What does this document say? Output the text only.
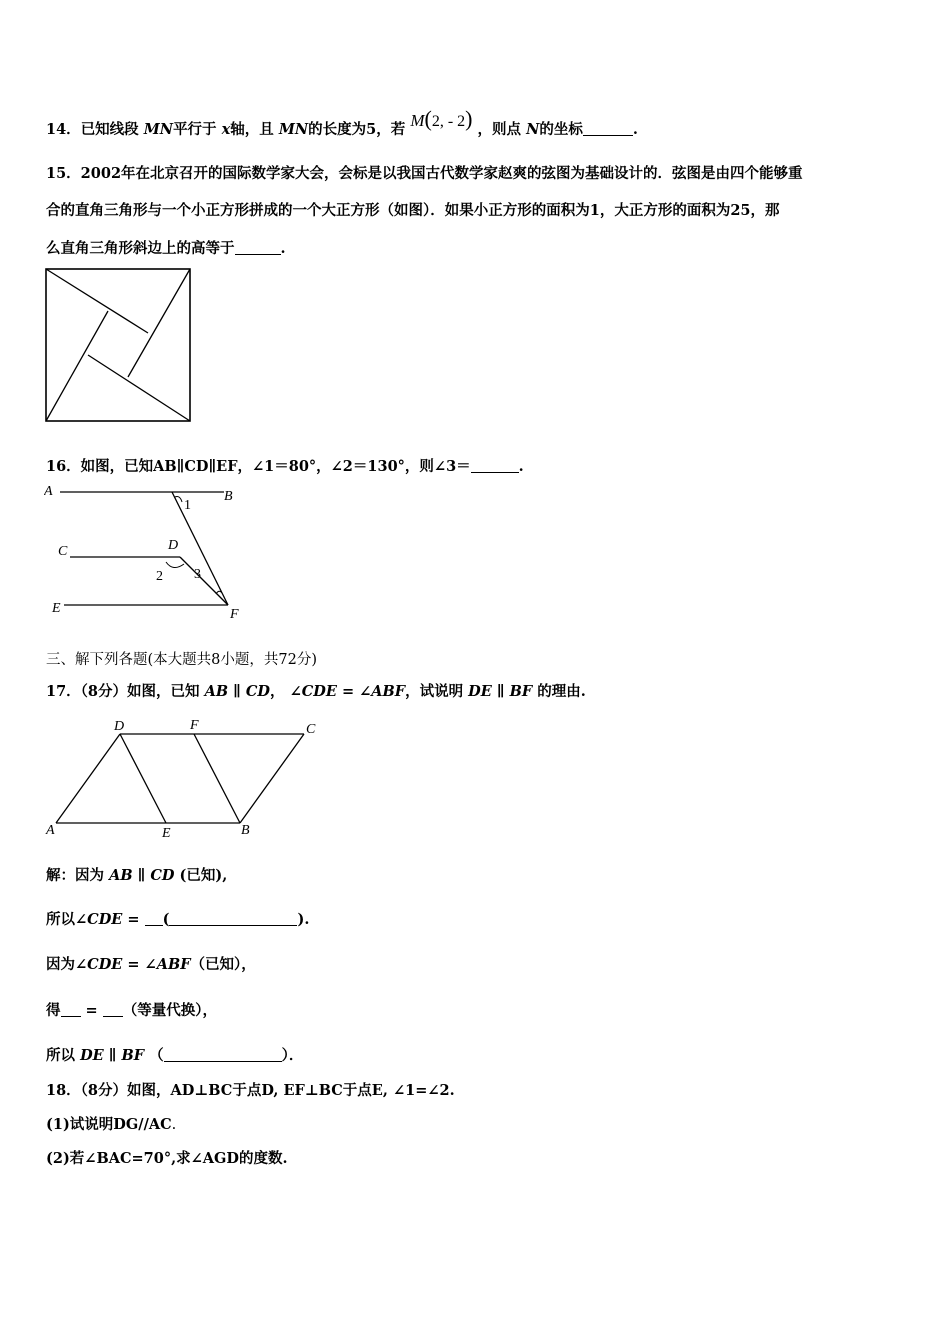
14．已知线段 MN平行于 x轴，且 MN的长度为5，若 M(2, - 2) ，则点 N的坐标	.
15．2002年在北京召开的国际数学家大会，会标是以我国古代数学家赵爽的弦图为基础设计的．弦图是由四个能够重
合的直角三角形与一个小正方形拼成的一个大正方形（如图）．如果小正方形的面积为1，大正方形的面积为25，那
么直角三角形斜边上的高等于	.
16．如图，已知AB∥CD∥EF，∠1＝80°，∠2＝130°，则∠3＝	.
A	B
C	D
E	F
1
2 3
三、解下列各题(本大题共8小题，共72分)
17．（8分）如图，已知 AB ∥ CD， ∠CDE = ∠ABF，试说明 DE ∥ BF 的理由.
D	F	C
A	E	B
解：因为 AB ∥ CD (已知),
所以∠CDE = (	).
因为∠CDE = ∠ABF（已知），
得 = （等量代换），
所以 DE ∥ BF （	）．
18．（8分）如图，AD⊥BC于点D, EF⊥BC于点E, ∠1=∠2.
(1)试说明DG//AC.
(2)若∠BAC=70°,求∠AGD的度数.
